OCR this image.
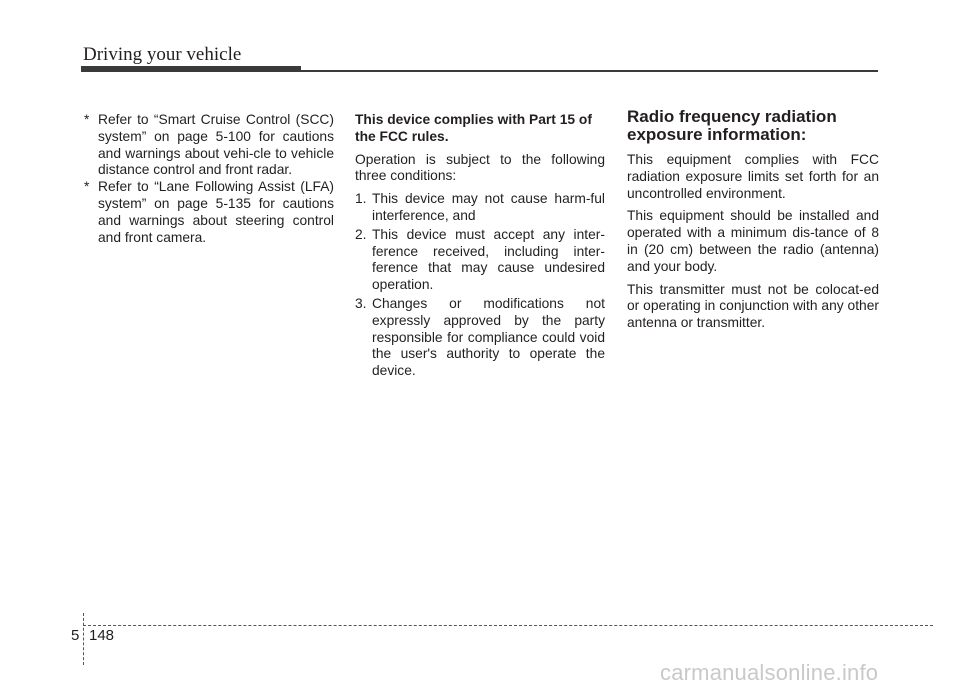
Driving your vehicle
* Refer to “Smart Cruise Control (SCC) system” on page 5-100 for cautions and warnings about vehi-cle to vehicle distance control and front radar.
* Refer to “Lane Following Assist (LFA) system” on page 5-135 for cautions and warnings about steering control and front camera.
This device complies with Part 15 of the FCC rules.
Operation is subject to the following three conditions:
1. This device may not cause harm-ful interference, and
2. This device must accept any inter-ference received, including inter-ference that may cause undesired operation.
3. Changes or modifications not expressly approved by the party responsible for compliance could void the user's authority to operate the device.
Radio frequency radiation exposure information:
This equipment complies with FCC radiation exposure limits set forth for an uncontrolled environment.
This equipment should be installed and operated with a minimum dis-tance of 8 in (20 cm) between the radio (antenna) and your body.
This transmitter must not be colocat-ed or operating in conjunction with any other antenna or transmitter.
5 148
carmanualsonline.info
